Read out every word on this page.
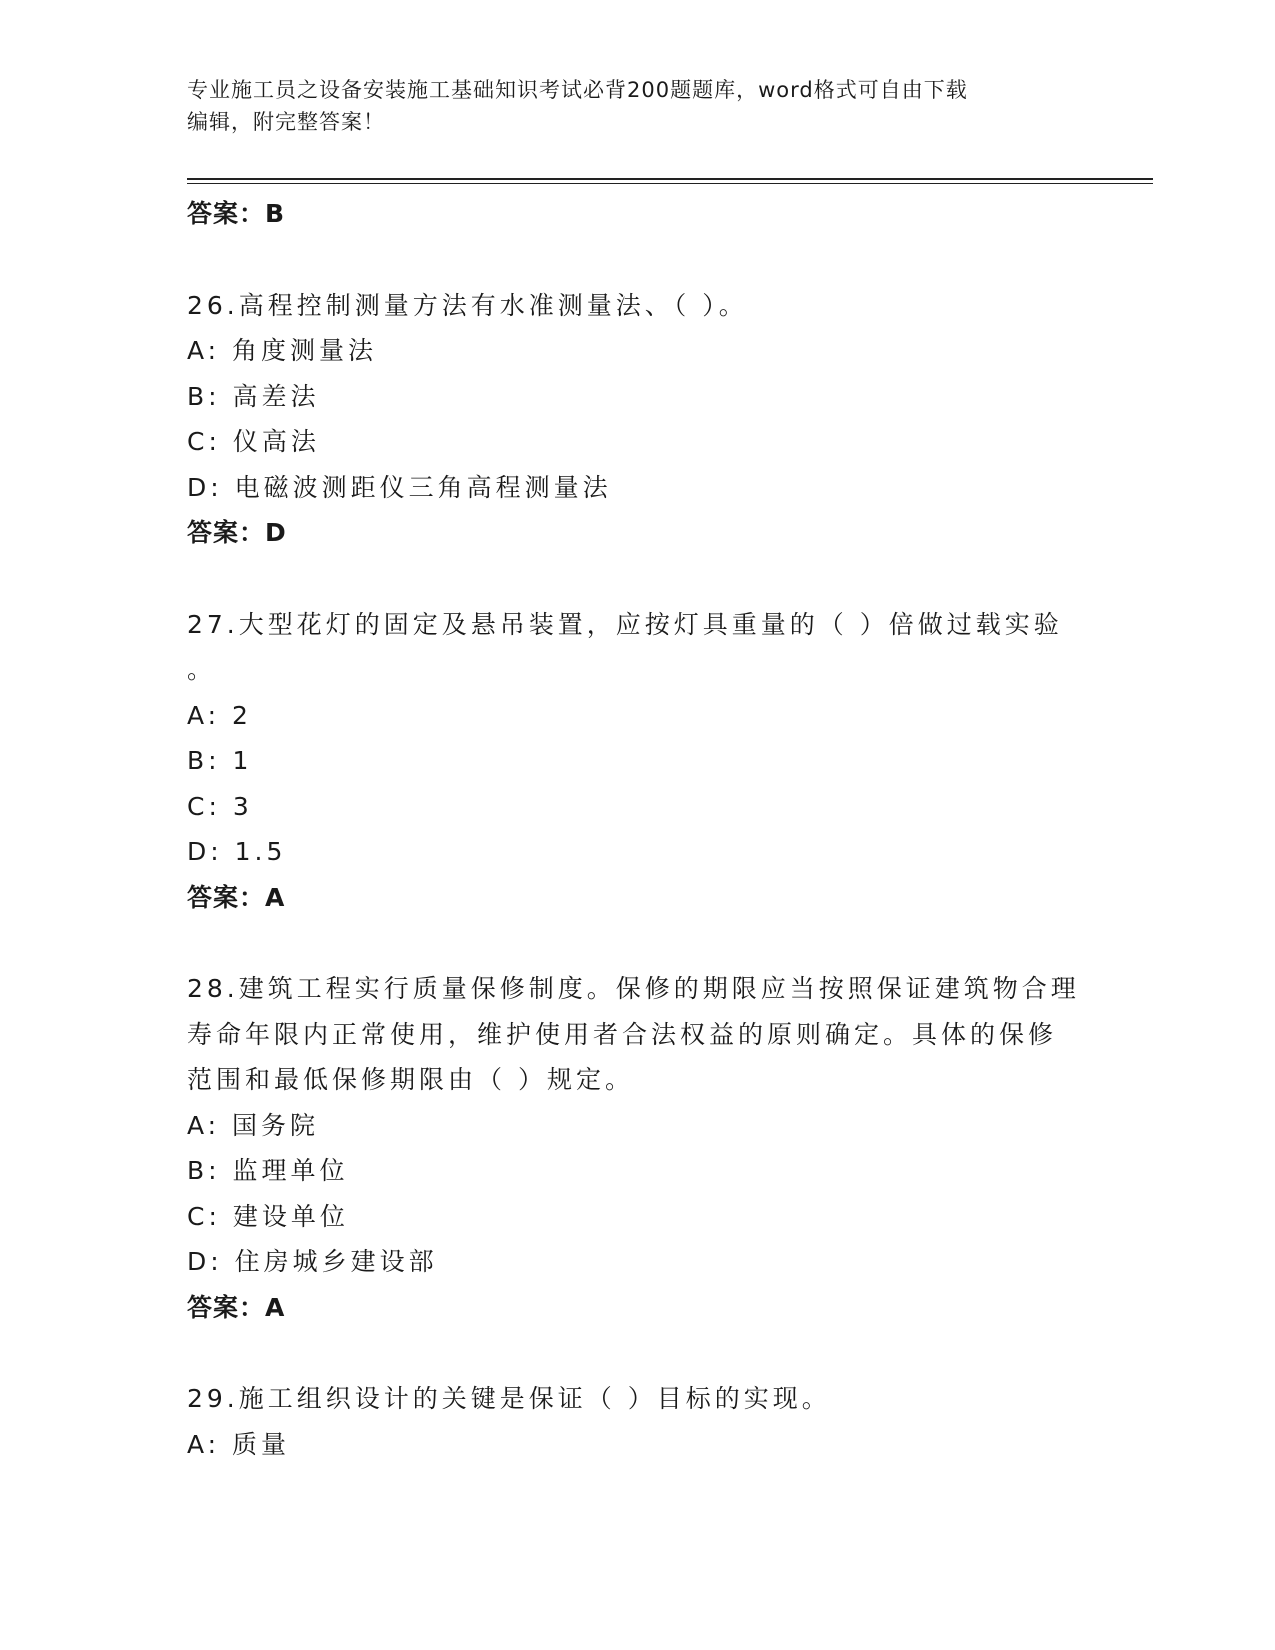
专业施工员之设备安装施工基础知识考试必背200题题库，word格式可自由下载
编辑，附完整答案！
答案：B
26.高程控制测量方法有水准测量法、（ ）。
A: 角度测量法
B: 高差法
C: 仪高法
D: 电磁波测距仪三角高程测量法
答案：D
27.大型花灯的固定及悬吊装置，应按灯具重量的（ ）倍做过载实验
。
A: 2
B: 1
C: 3
D: 1.5
答案：A
28.建筑工程实行质量保修制度。保修的期限应当按照保证建筑物合理
寿命年限内正常使用，维护使用者合法权益的原则确定。具体的保修
范围和最低保修期限由（ ）规定。
A: 国务院
B: 监理单位
C: 建设单位
D: 住房城乡建设部
答案：A
29.施工组织设计的关键是保证（ ）目标的实现。
A: 质量
